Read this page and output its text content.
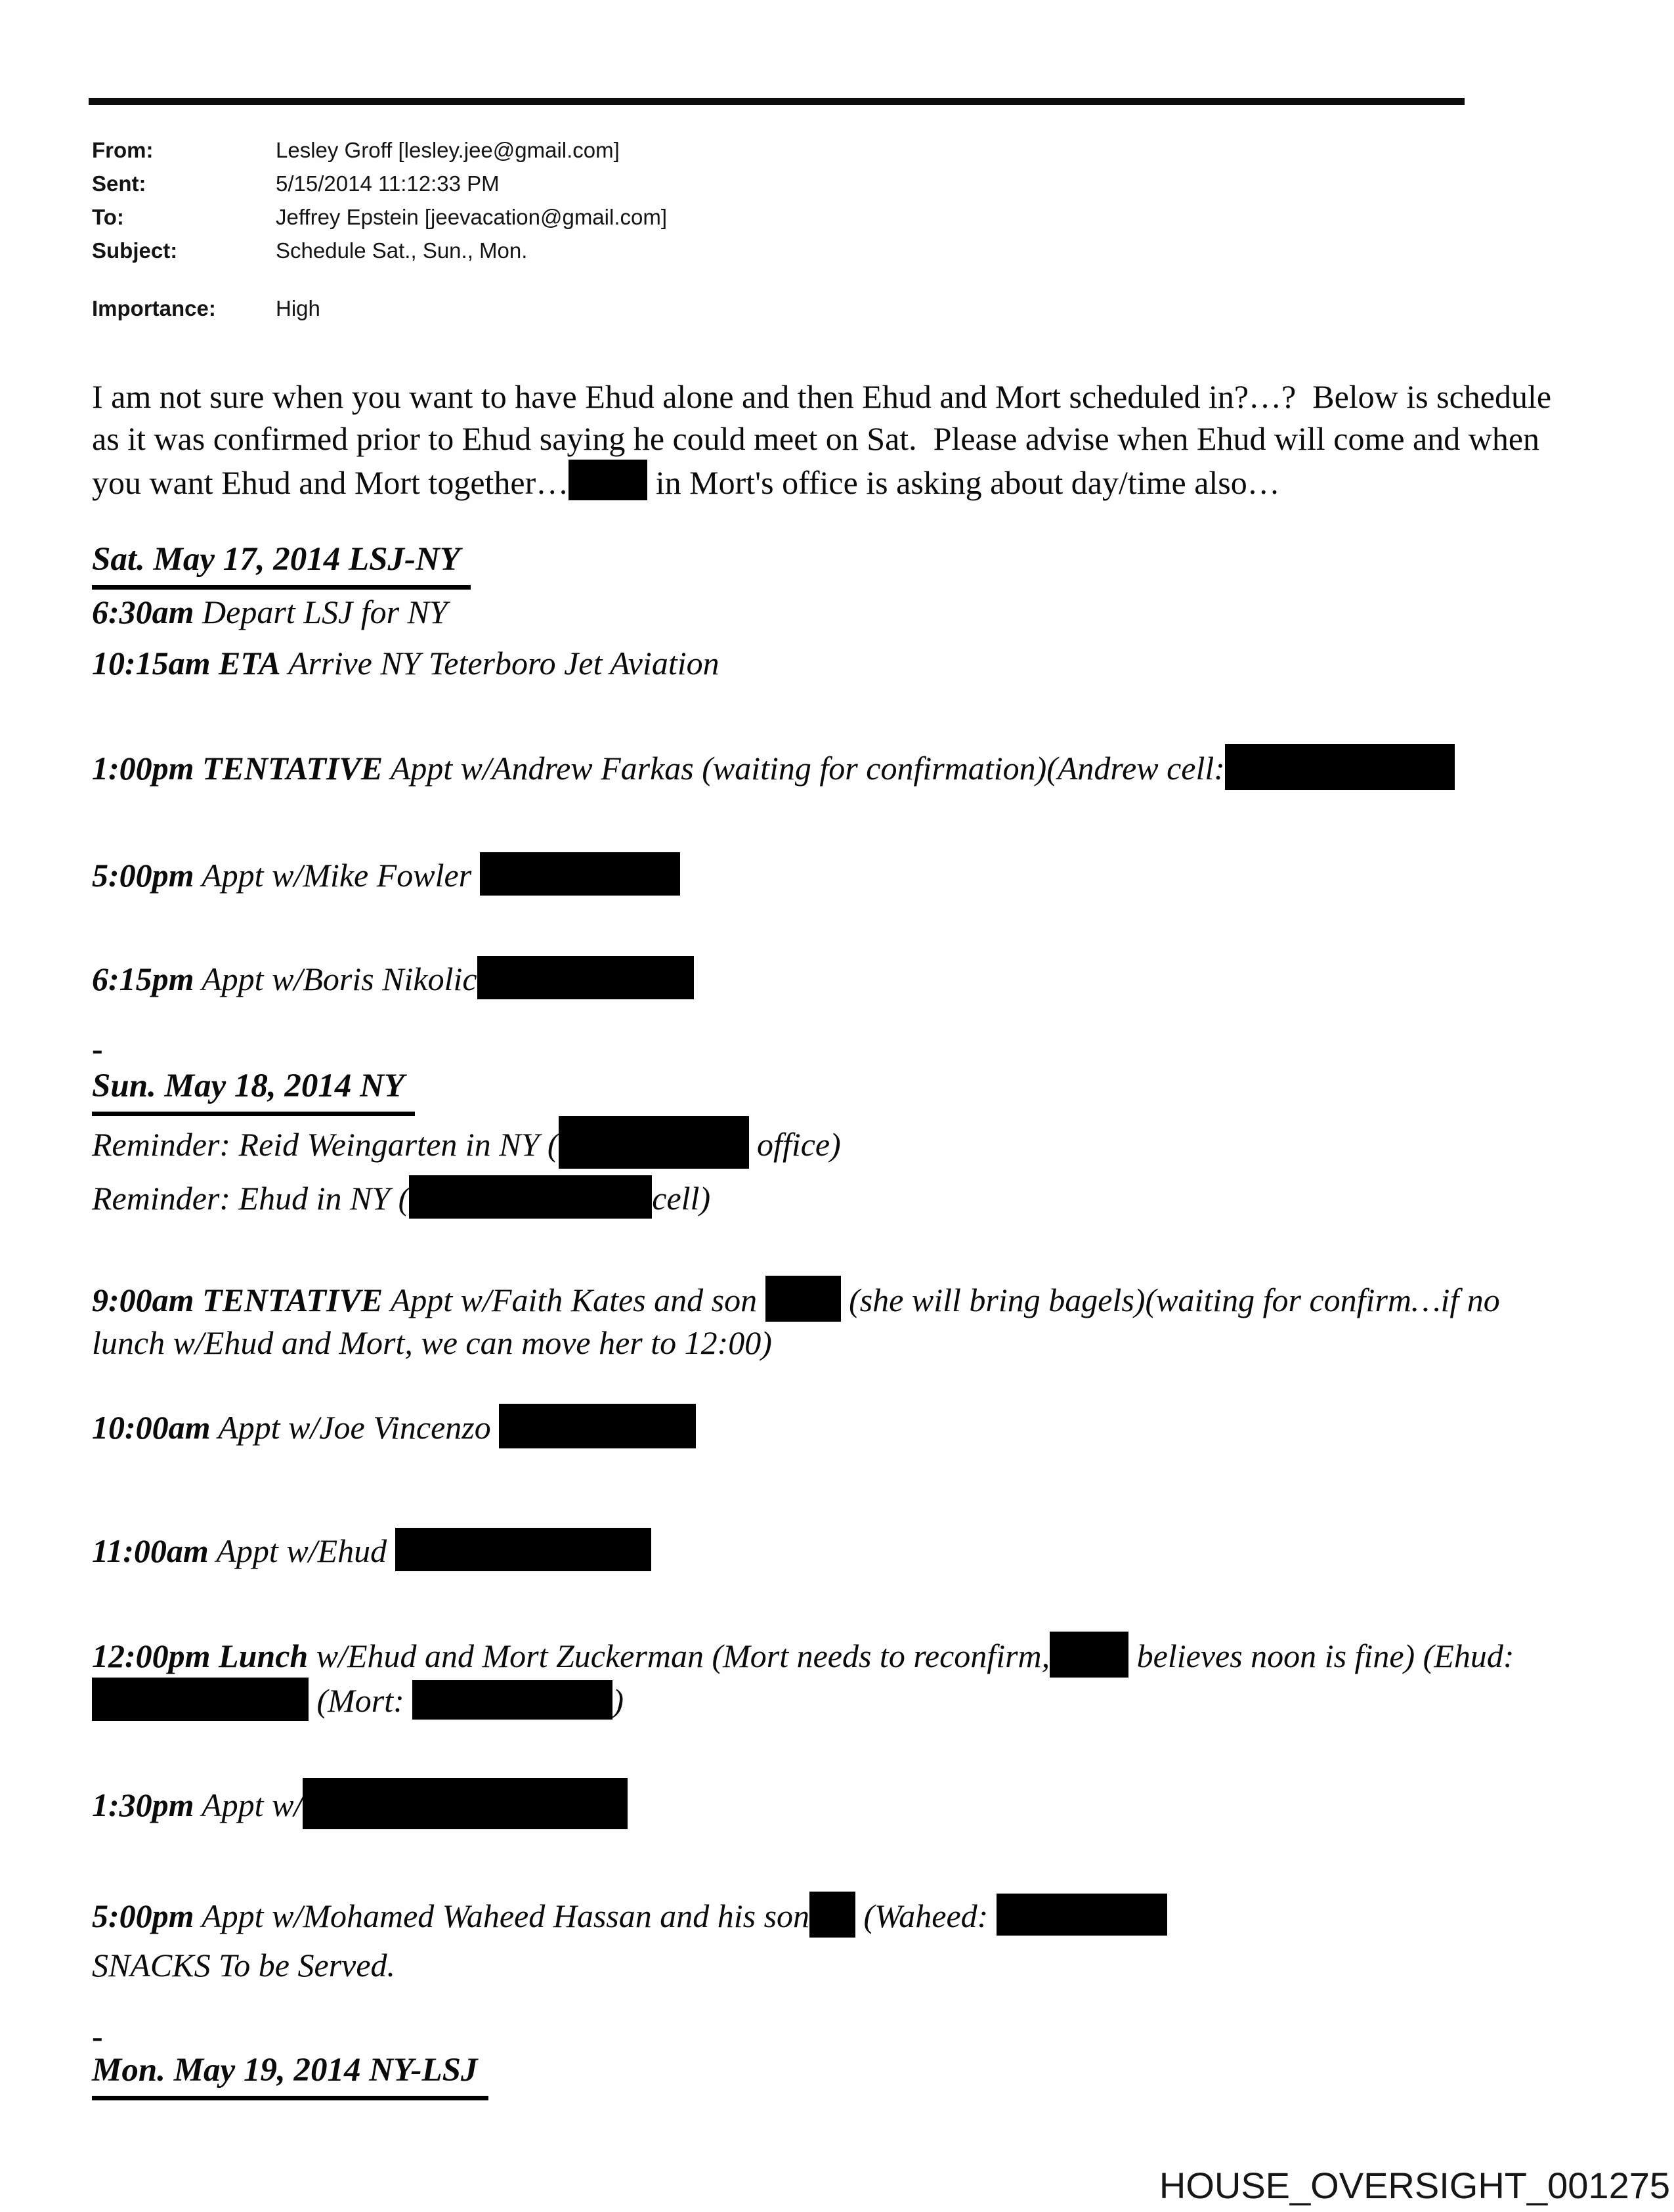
From:	Lesley Groff [lesley.jee@gmail.com]
Sent:	5/15/2014 11:12:33 PM
To:	Jeffrey Epstein [jeevacation@gmail.com]
Subject:	Schedule Sat., Sun., Mon.
Importance:	High
I am not sure when you want to have Ehud alone and then Ehud and Mort scheduled in?…?  Below is schedule
as it was confirmed prior to Ehud saying he could meet on Sat.  Please advise when Ehud will come and when
you want Ehud and Mort together… in Mort's office is asking about day/time also…
Sat. May 17, 2014 LSJ-NY
6:30am Depart LSJ for NY
10:15am ETA Arrive NY Teterboro Jet Aviation
1:00pm TENTATIVE Appt w/Andrew Farkas (waiting for confirmation)(Andrew cell:
5:00pm Appt w/Mike Fowler
6:15pm Appt w/Boris Nikolic
-
Sun. May 18, 2014 NY
Reminder: Reid Weingarten in NY (	office)
Reminder: Ehud in NY (	cell)
9:00am TENTATIVE Appt w/Faith Kates and son  (she will bring bagels)(waiting for confirm…if no
lunch w/Ehud and Mort, we can move her to 12:00)
10:00am Appt w/Joe Vincenzo
11:00am Appt w/Ehud
12:00pm Lunch w/Ehud and Mort Zuckerman (Mort needs to reconfirm, believes noon is fine) (Ehud:
(Mort:	)
1:30pm Appt w/
5:00pm Appt w/Mohamed Waheed Hassan and his son (Waheed:
SNACKS To be Served.
-
Mon. May 19, 2014 NY-LSJ
HOUSE_OVERSIGHT_001275
